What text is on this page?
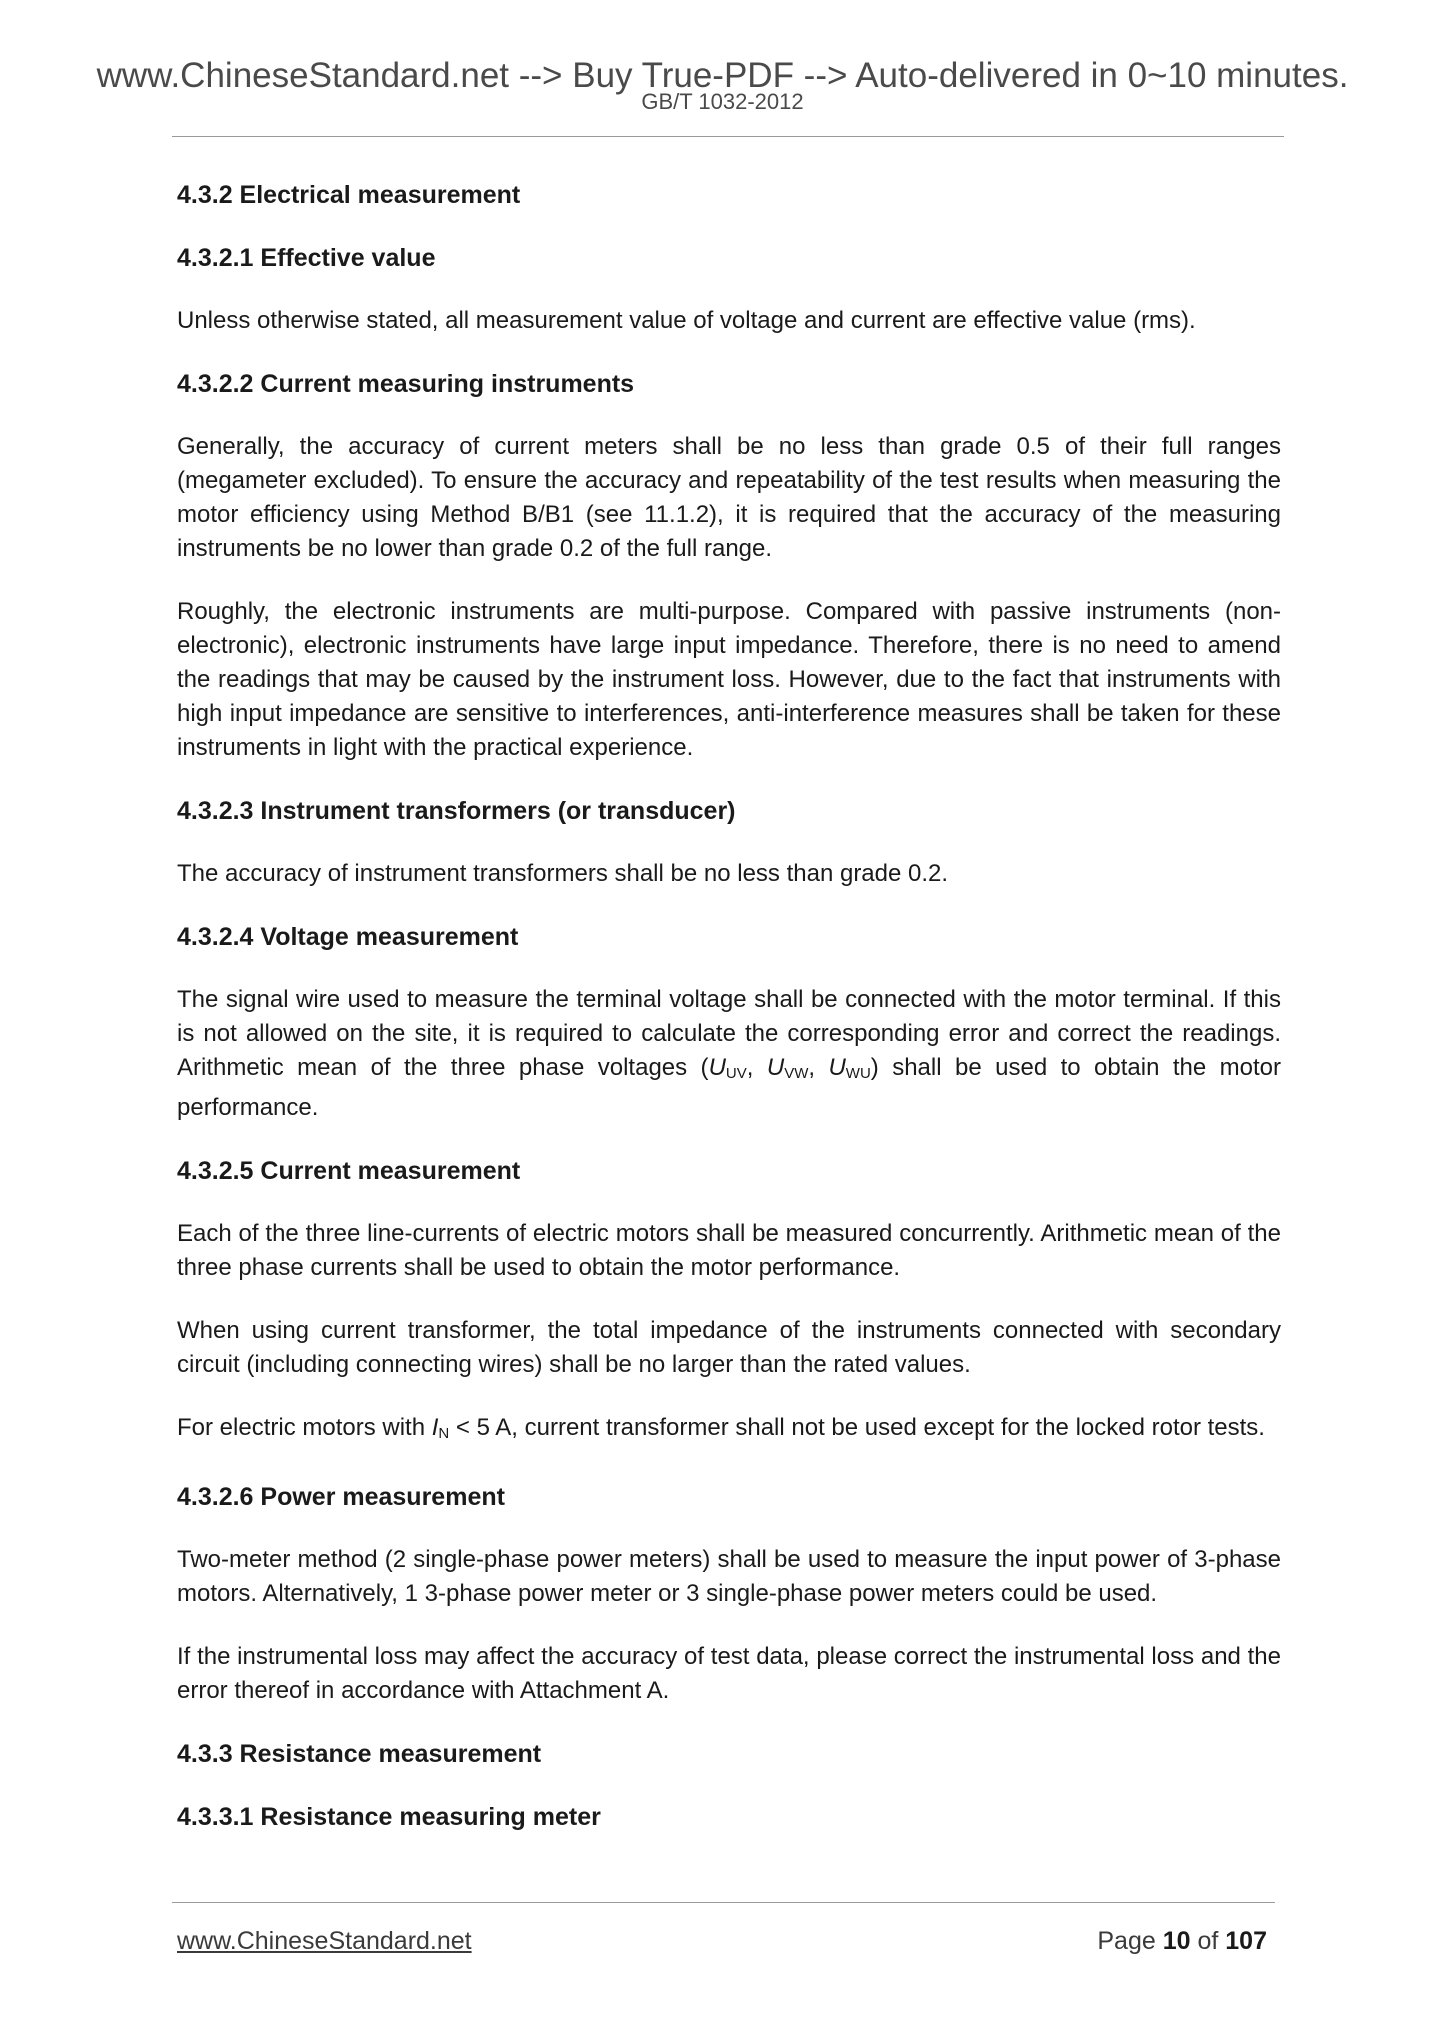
www.ChineseStandard.net --> Buy True-PDF --> Auto-delivered in 0~10 minutes.
GB/T 1032-2012
4.3.2 Electrical measurement
4.3.2.1 Effective value
Unless otherwise stated, all measurement value of voltage and current are effective value (rms).
4.3.2.2 Current measuring instruments
Generally, the accuracy of current meters shall be no less than grade 0.5 of their full ranges (megameter excluded). To ensure the accuracy and repeatability of the test results when measuring the motor efficiency using Method B/B1 (see 11.1.2), it is required that the accuracy of the measuring instruments be no lower than grade 0.2 of the full range.
Roughly, the electronic instruments are multi-purpose. Compared with passive instruments (non-electronic), electronic instruments have large input impedance. Therefore, there is no need to amend the readings that may be caused by the instrument loss. However, due to the fact that instruments with high input impedance are sensitive to interferences, anti-interference measures shall be taken for these instruments in light with the practical experience.
4.3.2.3 Instrument transformers (or transducer)
The accuracy of instrument transformers shall be no less than grade 0.2.
4.3.2.4 Voltage measurement
The signal wire used to measure the terminal voltage shall be connected with the motor terminal. If this is not allowed on the site, it is required to calculate the corresponding error and correct the readings. Arithmetic mean of the three phase voltages ($U_{UV}$, $U_{VW}$, $U_{WU}$) shall be used to obtain the motor performance.
4.3.2.5 Current measurement
Each of the three line-currents of electric motors shall be measured concurrently. Arithmetic mean of the three phase currents shall be used to obtain the motor performance.
When using current transformer, the total impedance of the instruments connected with secondary circuit (including connecting wires) shall be no larger than the rated values.
For electric motors with $I_N < 5$ A, current transformer shall not be used except for the locked rotor tests.
4.3.2.6 Power measurement
Two-meter method (2 single-phase power meters) shall be used to measure the input power of 3-phase motors. Alternatively, 1 3-phase power meter or 3 single-phase power meters could be used.
If the instrumental loss may affect the accuracy of test data, please correct the instrumental loss and the error thereof in accordance with Attachment A.
4.3.3 Resistance measurement
4.3.3.1 Resistance measuring meter
www.ChineseStandard.net	Page 10 of 107
